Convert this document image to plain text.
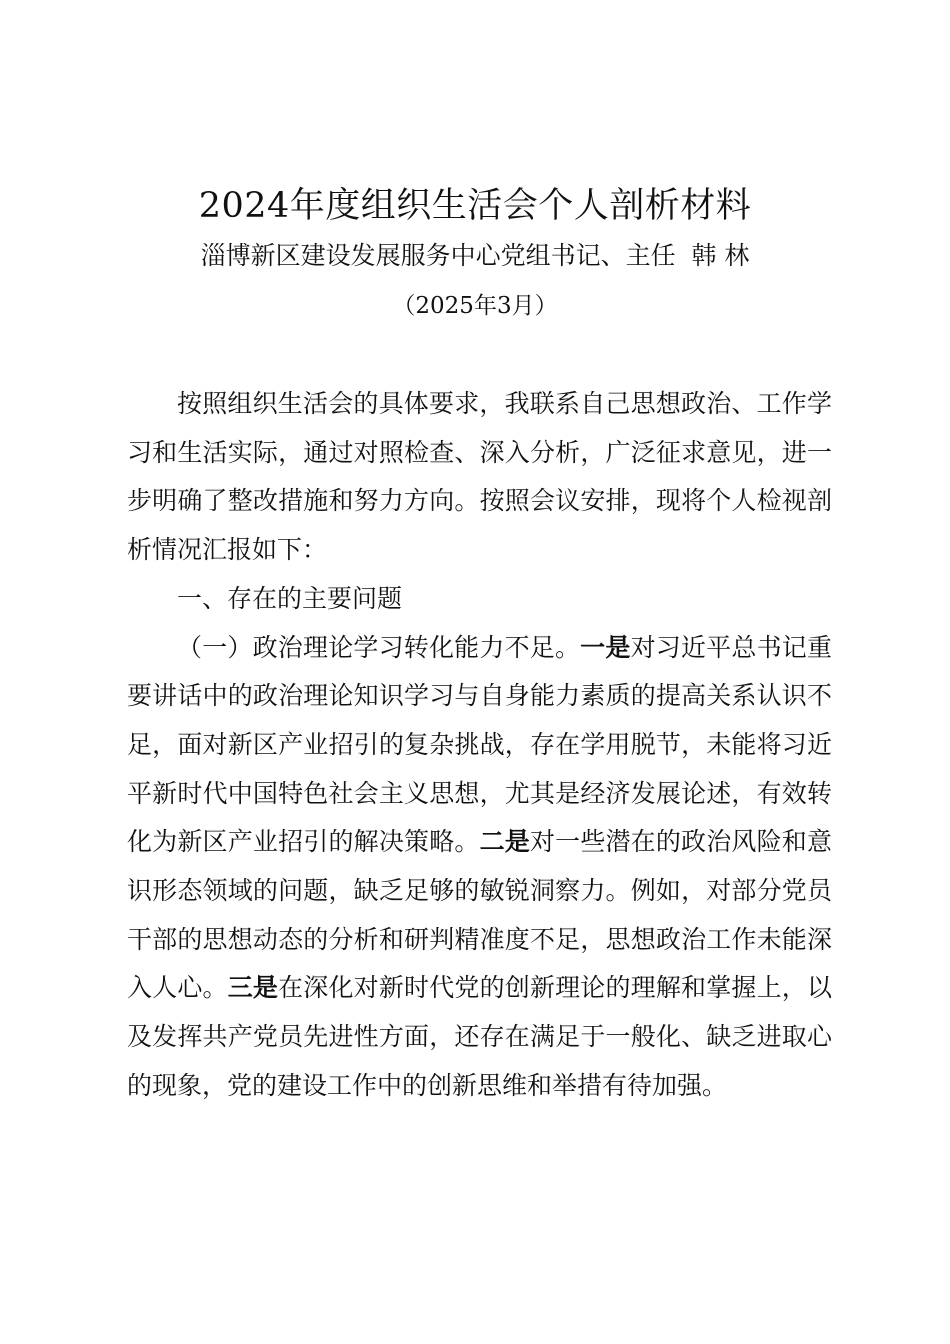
2024年度组织生活会个人剖析材料
淄博新区建设发展服务中心党组书记、主任  韩 林
（2025年3月）

按照组织生活会的具体要求，我联系自己思想政治、工作学习和生活实际，通过对照检查、深入分析，广泛征求意见，进一步明确了整改措施和努力方向。按照会议安排，现将个人检视剖析情况汇报如下：

一、存在的主要问题

（一）政治理论学习转化能力不足。一是对习近平总书记重要讲话中的政治理论知识学习与自身能力素质的提高关系认识不足，面对新区产业招引的复杂挑战，存在学用脱节，未能将习近平新时代中国特色社会主义思想，尤其是经济发展论述，有效转化为新区产业招引的解决策略。二是对一些潜在的政治风险和意识形态领域的问题，缺乏足够的敏锐洞察力。例如，对部分党员干部的思想动态的分析和研判精准度不足，思想政治工作未能深入人心。三是在深化对新时代党的创新理论的理解和掌握上，以及发挥共产党员先进性方面，还存在满足于一般化、缺乏进取心的现象，党的建设工作中的创新思维和举措有待加强。
